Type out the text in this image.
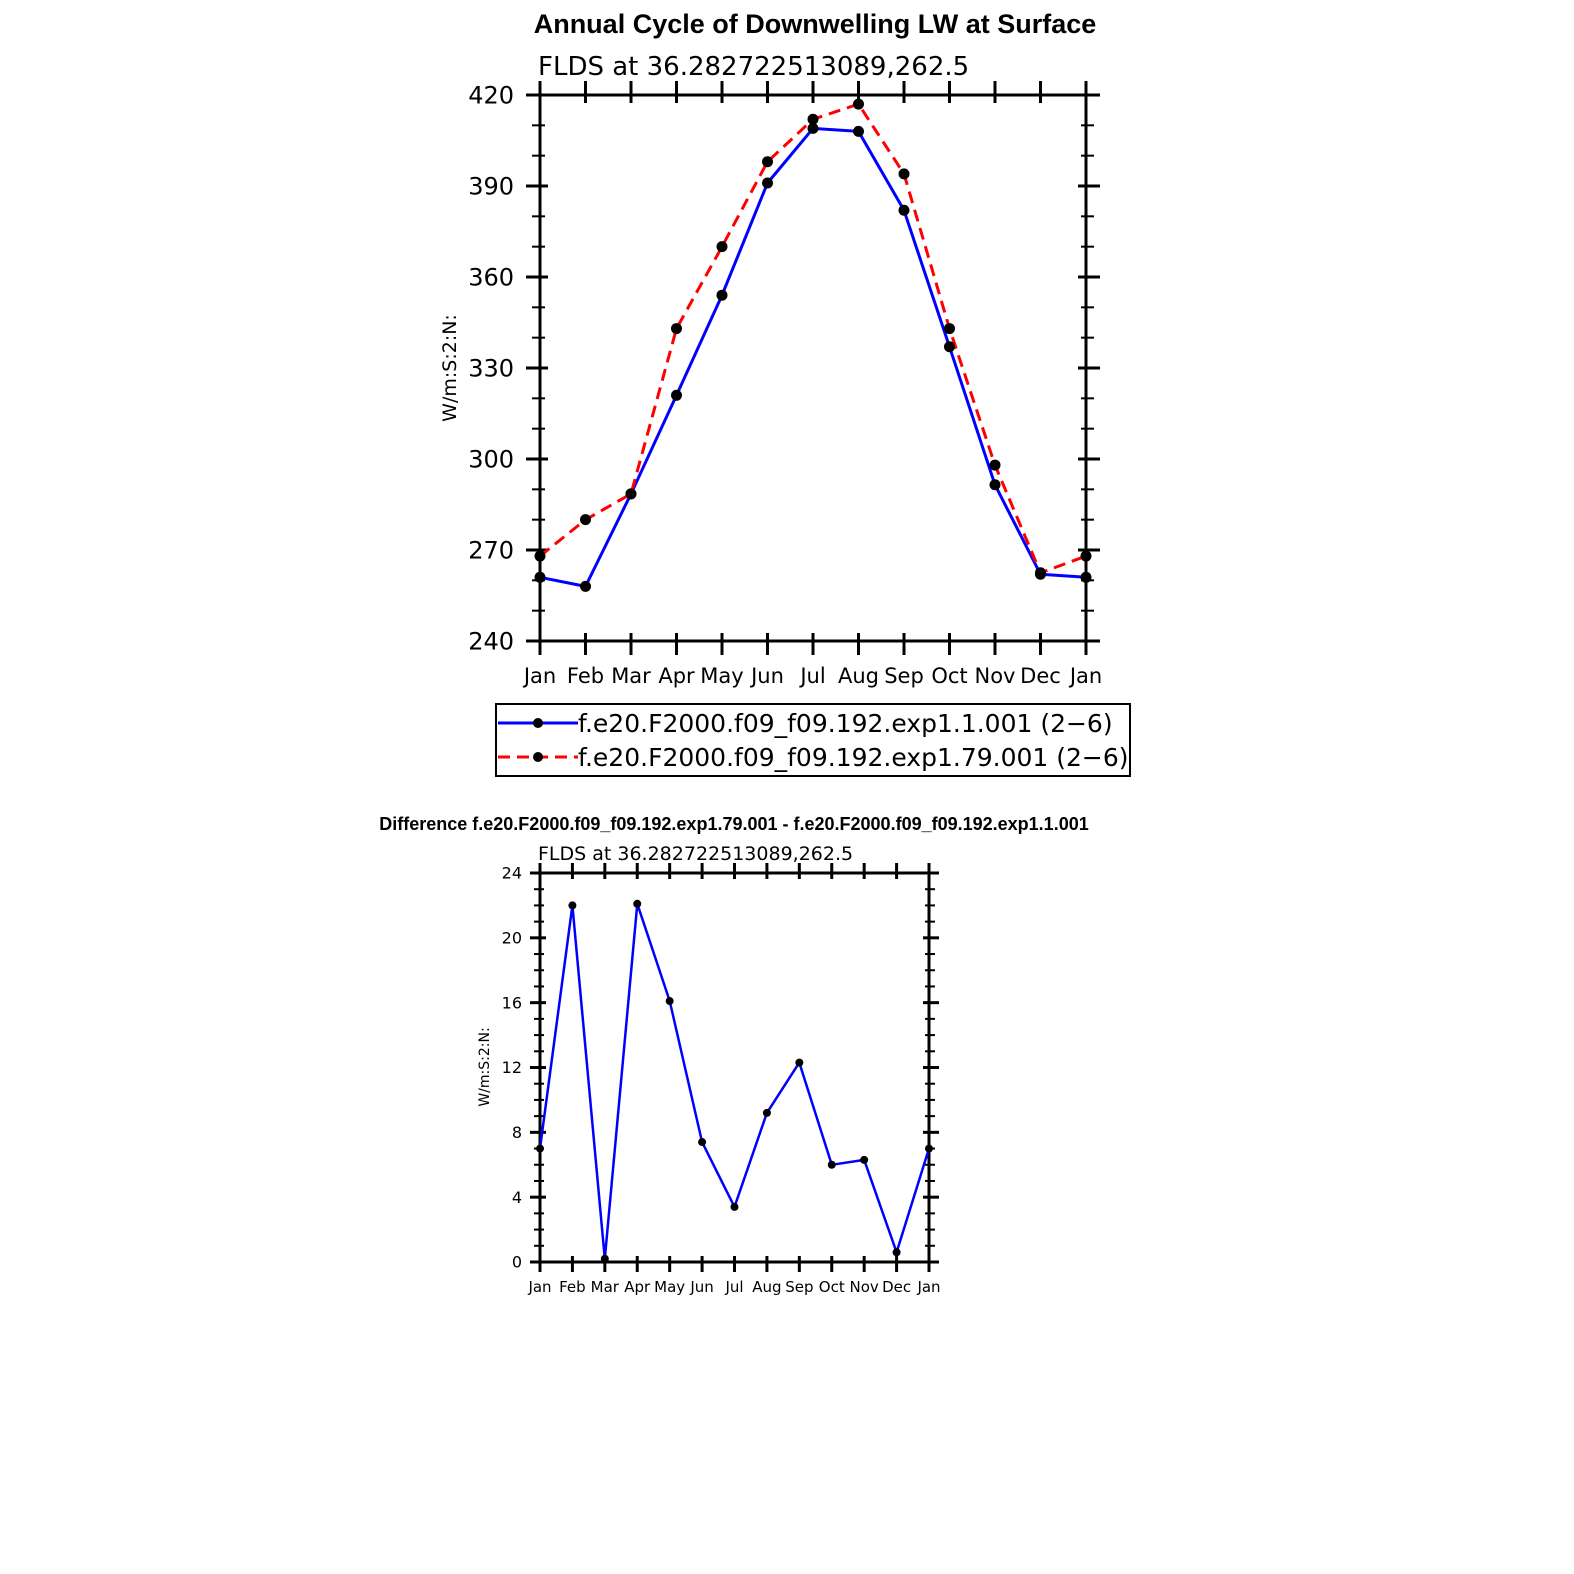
Annual Cycle of Downwelling LW at Surface
FLDS at 36.282722513089,262.5
W/m:S:2:N:
240
270
300
330
360
390
420
Jan Feb Mar Apr May Jun Jul Aug Sep Oct Nov Dec Jan
f.e20.F2000.f09_f09.192.exp1.1.001 (2−6)
f.e20.F2000.f09_f09.192.exp1.79.001 (2−6)
Difference f.e20.F2000.f09_f09.192.exp1.79.001 - f.e20.F2000.f09_f09.192.exp1.1.001
FLDS at 36.282722513089,262.5
W/m:S:2:N:
0
4
8
12
16
20
24
Jan Feb Mar Apr May Jun Jul Aug Sep Oct Nov Dec Jan
